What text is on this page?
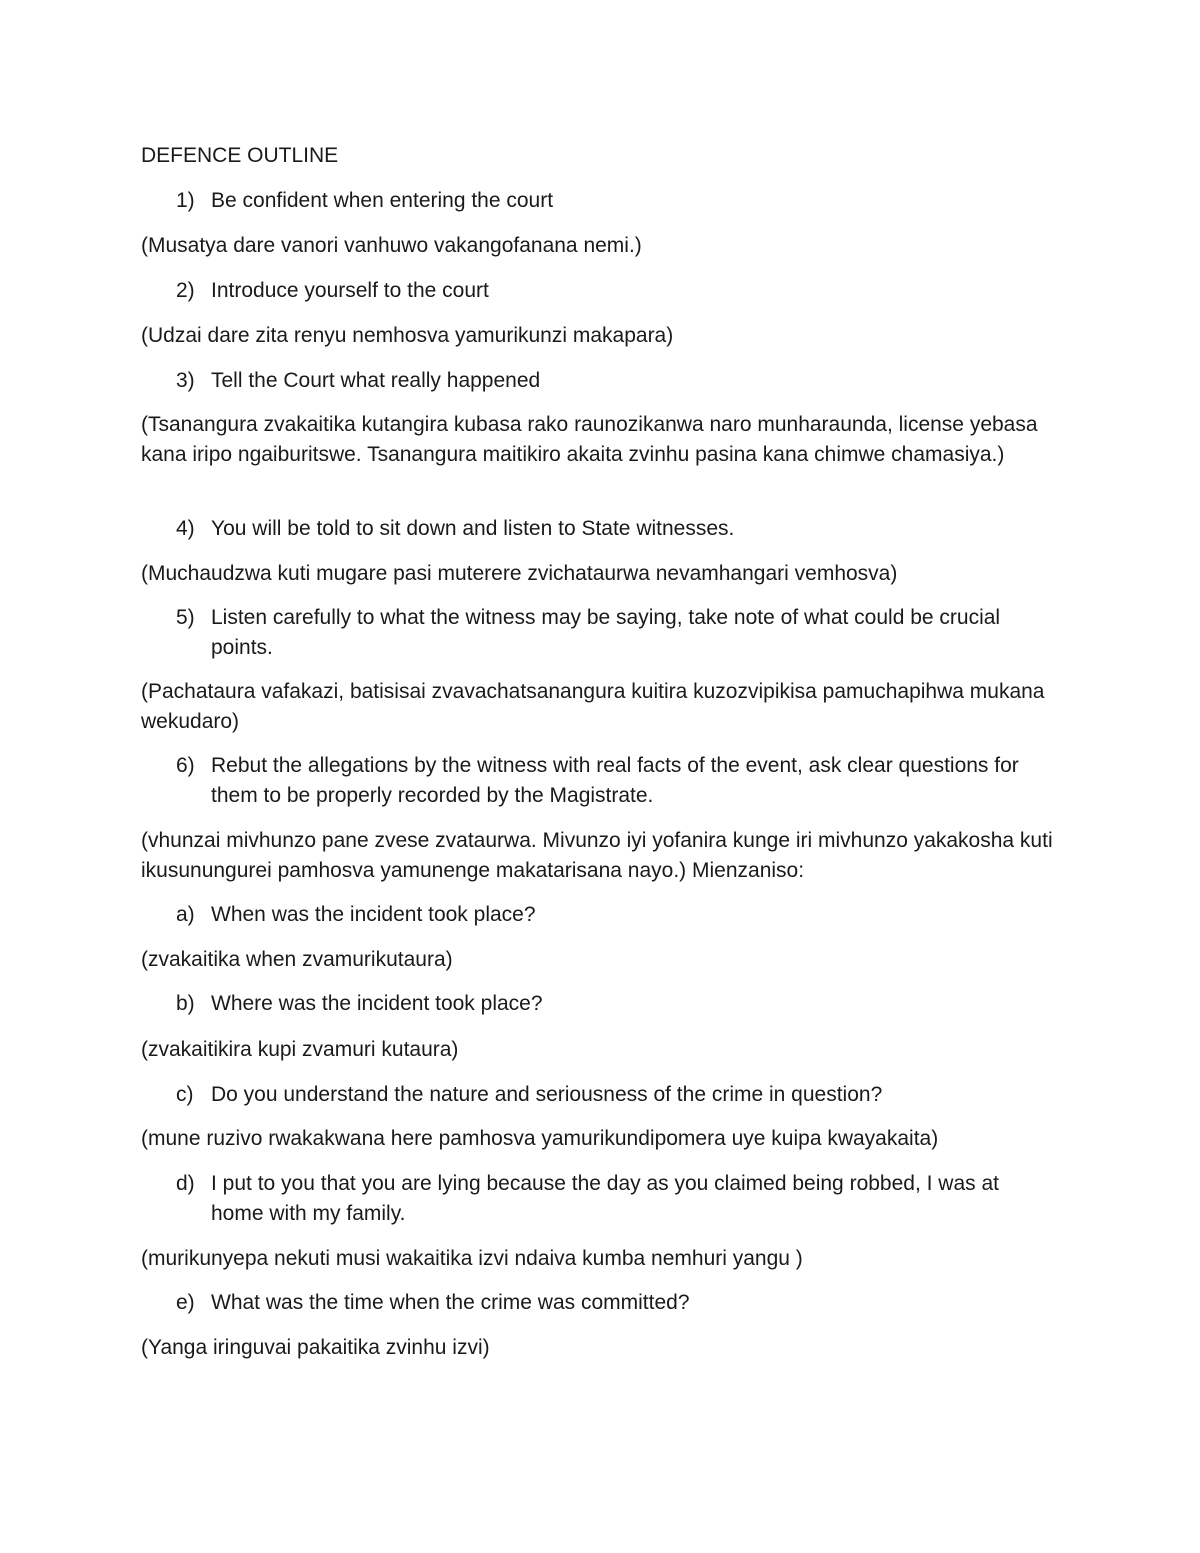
DEFENCE OUTLINE
1) Be confident when entering the court

(Musatya dare vanori vanhuwo vakangofanana nemi.)

2) Introduce yourself to the court

(Udzai dare zita renyu nemhosva yamurikunzi makapara)

3) Tell the Court what really happened

(Tsanangura zvakaitika kutangira kubasa rako raunozikanwa naro munharaunda, license yebasa kana iripo ngaiburitswe. Tsanangura maitikiro akaita zvinhu pasina kana chimwe chamasiya.)

4) You will be told to sit down and listen to State witnesses.

(Muchaudzwa kuti mugare pasi muterere zvichataurwa nevamhangari vemhosva)

5) Listen carefully to what the witness may be saying, take note of what could be crucial points.

(Pachataura vafakazi, batisisai zvavachatsanangura kuitira kuzozvipikisa pamuchapihwa mukana wekudaro)

6) Rebut the allegations by the witness with real facts of the event, ask clear questions for them to be properly recorded by the Magistrate.

(vhunzai mivhunzo pane zvese zvataurwa. Mivunzo iyi yofanira kunge iri mivhunzo yakakosha kuti ikusunungurei pamhosva yamunenge makatarisana nayo.) Mienzaniso:

a) When was the incident took place?

(zvakaitika when zvamurikutaura)

b) Where was the incident took place?

(zvakaitikira kupi zvamuri kutaura)

c) Do you understand the nature and seriousness of the crime in question?

(mune ruzivo rwakakwana here pamhosva yamurikundipomera uye kuipa kwayakaita)

d) I put to you that you are lying because the day as you claimed being robbed, I was at home with my family.

(murikunyepa nekuti musi wakaitika izvi ndaiva kumba nemhuri yangu )

e) What was the time when the crime was committed?

(Yanga iringuvai pakaitika zvinhu izvi)
